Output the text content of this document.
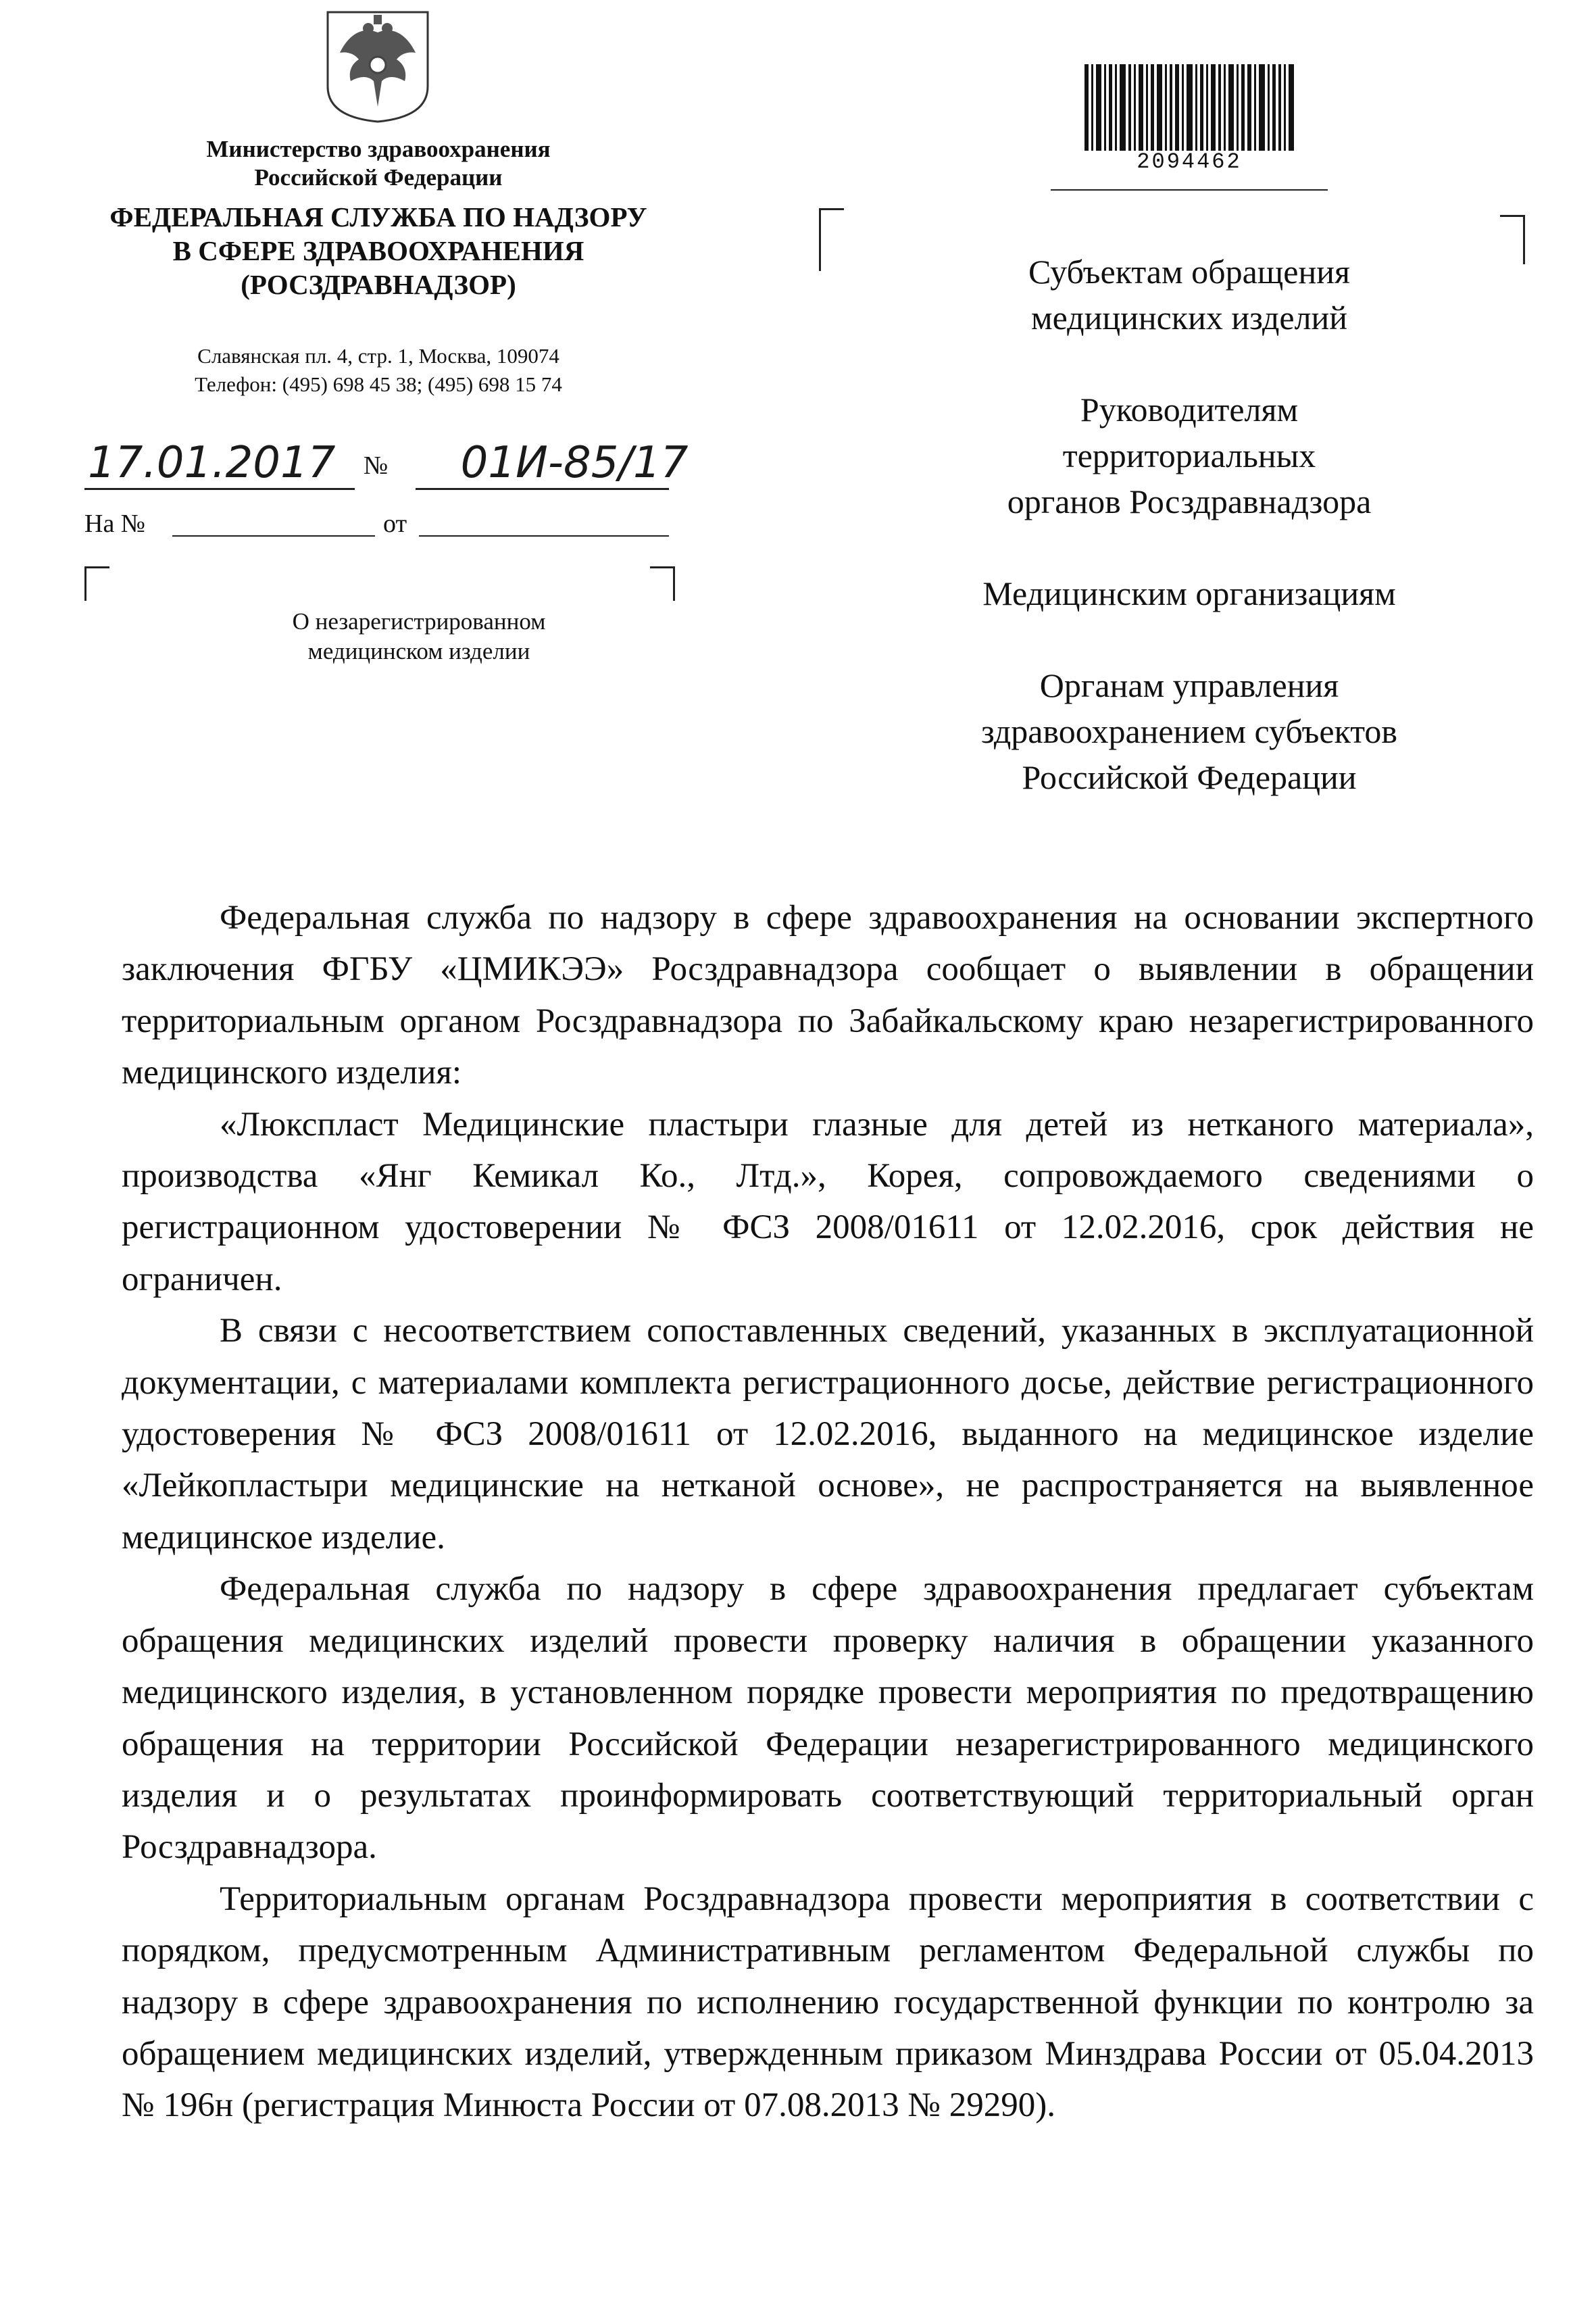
Министерство здравоохранения
Российской Федерации
ФЕДЕРАЛЬНАЯ СЛУЖБА ПО НАДЗОРУ
В СФЕРЕ ЗДРАВООХРАНЕНИЯ
(РОСЗДРАВНАДЗОР)
Славянская пл. 4, стр. 1, Москва, 109074
Телефон: (495) 698 45 38; (495) 698 15 74
17.01.2017 №	01И-85/17
На №	от
О незарегистрированном
медицинском изделии
2094462
Субъектам обращения
медицинских изделий
Руководителям
территориальных
органов Росздравнадзора
Медицинским организациям
Органам управления
здравоохранением субъектов
Российской Федерации

Федеральная служба по надзору в сфере здравоохранения на основании экспертного заключения ФГБУ «ЦМИКЭЭ» Росздравнадзора сообщает о выявлении в обращении территориальным органом Росздравнадзора по Забайкальскому краю незарегистрированного медицинского изделия:

«Люкспласт Медицинские пластыри глазные для детей из нетканого материала», производства «Янг Кемикал Ко., Лтд.», Корея, сопровождаемого сведениями о регистрационном удостоверении № ФСЗ 2008/01611 от 12.02.2016, срок действия не ограничен.

В связи с несоответствием сопоставленных сведений, указанных в эксплуатационной документации, с материалами комплекта регистрационного досье, действие регистрационного удостоверения № ФСЗ 2008/01611 от 12.02.2016, выданного на медицинское изделие «Лейкопластыри медицинские на нетканой основе», не распространяется на выявленное медицинское изделие.

Федеральная служба по надзору в сфере здравоохранения предлагает субъектам обращения медицинских изделий провести проверку наличия в обращении указанного медицинского изделия, в установленном порядке провести мероприятия по предотвращению обращения на территории Российской Федерации незарегистрированного медицинского изделия и о результатах проинформировать соответствующий территориальный орган Росздравнадзора.

Территориальным органам Росздравнадзора провести мероприятия в соответствии с порядком, предусмотренным Административным регламентом Федеральной службы по надзору в сфере здравоохранения по исполнению государственной функции по контролю за обращением медицинских изделий, утвержденным приказом Минздрава России от 05.04.2013 № 196н (регистрация Минюста России от 07.08.2013 № 29290).
